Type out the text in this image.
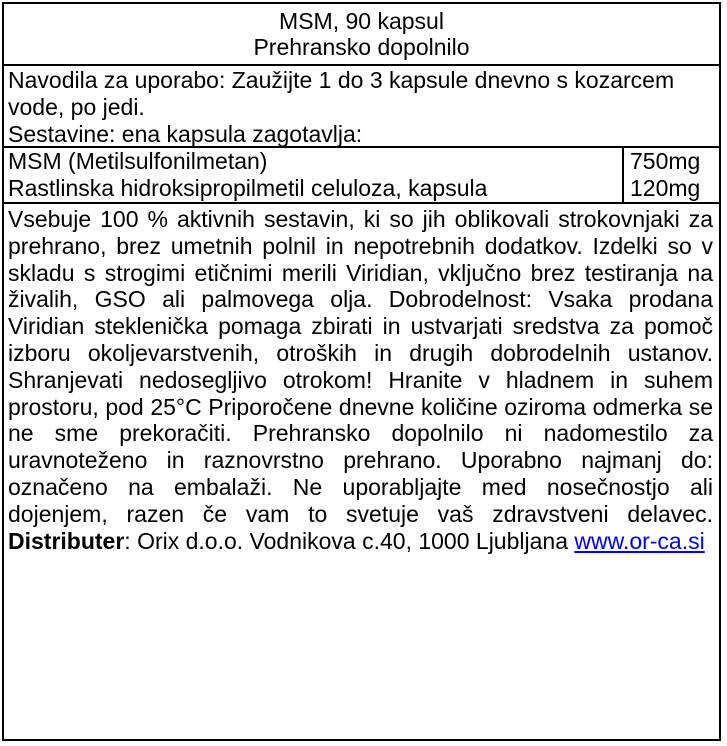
MSM, 90 kapsul
Prehransko dopolnilo
Navodila za uporabo: Zaužijte 1 do 3 kapsule dnevno s kozarcem vode, po jedi.
Sestavine: ena kapsula zagotavlja:
MSM (Metilsulfonilmetan)	750mg
Rastlinska hidroksipropilmetil celuloza, kapsula	120mg
Vsebuje 100 % aktivnih sestavin, ki so jih oblikovali strokovnjaki za prehrano, brez umetnih polnil in nepotrebnih dodatkov. Izdelki so v skladu s strogimi etičnimi merili Viridian, vključno brez testiranja na živalih, GSO ali palmovega olja. Dobrodelnost: Vsaka prodana Viridian stekleničkа pomaga zbirati in ustvarjati sredstva za pomoč izboru okoljevarstvenih, otroških in drugih dobrodelnih ustanov. Shranjevati nedosegljivo otrokom! Hranite v hladnem in suhem prostoru, pod 25°C Priporočene dnevne količine oziroma odmerka se ne sme prekoračiti. Prehransko dopolnilo ni nadomestilo za uravnoteženo in raznovrstno prehrano. Uporabno najmanj do: označeno na embalaži. Ne uporabljajte med nosečnostjo ali dojenjem, razen če vam to svetuje vaš zdravstveni delavec. Distributer: Orix d.o.o. Vodnikova c.40, 1000 Ljubljana www.or-ca.si
